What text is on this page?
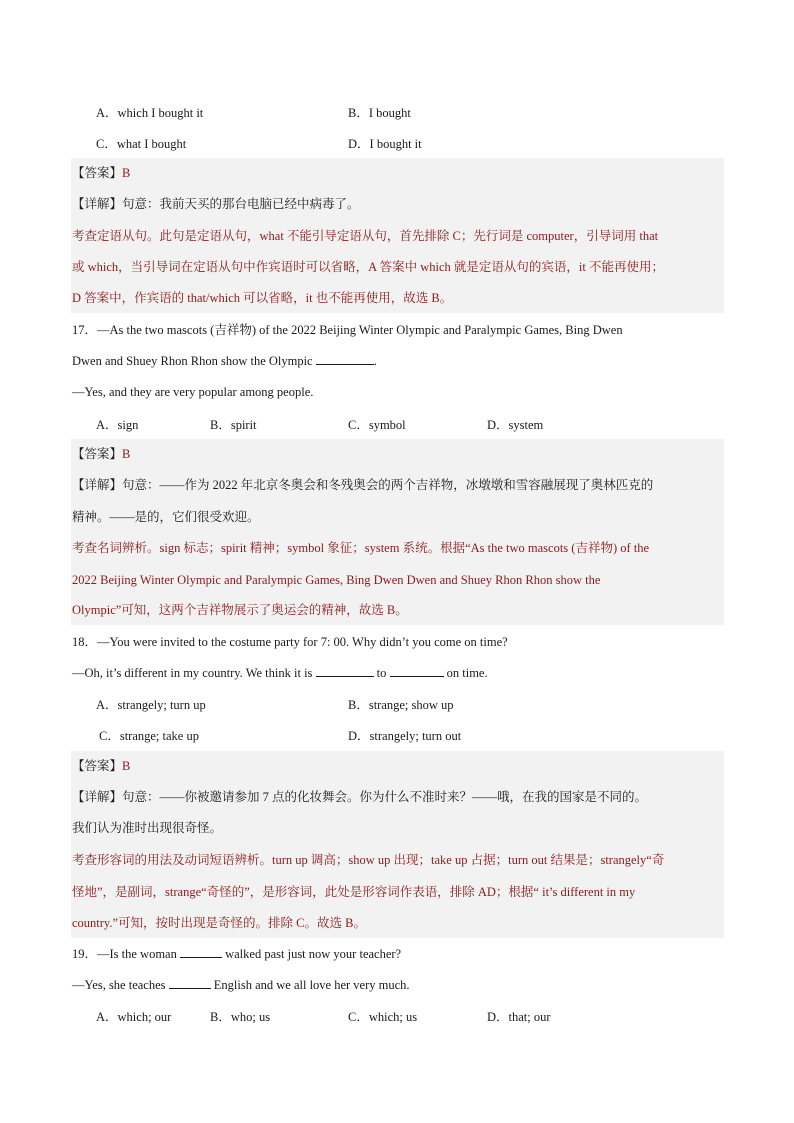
A．which I bought it	B．I bought
C．what I bought	D．I bought it
【答案】B
【详解】句意：我前天买的那台电脑已经中病毒了。
考查定语从句。此句是定语从句，what 不能引导定语从句，首先排除 C；先行词是 computer，引导词用 that
或 which，当引导词在定语从句中作宾语时可以省略，A 答案中 which 就是定语从句的宾语，it 不能再使用；
D 答案中，作宾语的 that/which 可以省略，it 也不能再使用，故选 B。
17．—As the two mascots (吉祥物) of the 2022 Beijing Winter Olympic and Paralympic Games, Bing Dwen
Dwen and Shuey Rhon Rhon show the Olympic	.
—Yes, and they are very popular among people.
A．sign	B．spirit	C．symbol	D．system
【答案】B
【详解】句意：——作为 2022 年北京冬奥会和冬残奥会的两个吉祥物，冰墩墩和雪容融展现了奥林匹克的
精神。——是的，它们很受欢迎。
考查名词辨析。sign 标志；spirit 精神；symbol 象征；system 系统。根据“As the two mascots (吉祥物) of the
2022 Beijing Winter Olympic and Paralympic Games, Bing Dwen Dwen and Shuey Rhon Rhon show the
Olympic”可知，这两个吉祥物展示了奥运会的精神，故选 B。
18．—You were invited to the costume party for 7: 00. Why didn’t you come on time?
—Oh, it’s different in my country. We think it is	to	on time.
A．strangely; turn up	B．strange; show up
C．strange; take up	D．strangely; turn out
【答案】B
【详解】句意：——你被邀请参加 7 点的化妆舞会。你为什么不准时来？——哦，在我的国家是不同的。
我们认为准时出现很奇怪。
考查形容词的用法及动词短语辨析。turn up 调高；show up 出现；take up 占据；turn out 结果是；strangely“奇
怪地”，是副词，strange“奇怪的”，是形容词，此处是形容词作表语，排除 AD；根据“ it’s different in my
country.”可知，按时出现是奇怪的。排除 C。故选 B。
19．—Is the woman	walked past just now your teacher?
—Yes, she teaches	English and we all love her very much.
A．which; our	B．who; us	C．which; us	D．that; our
